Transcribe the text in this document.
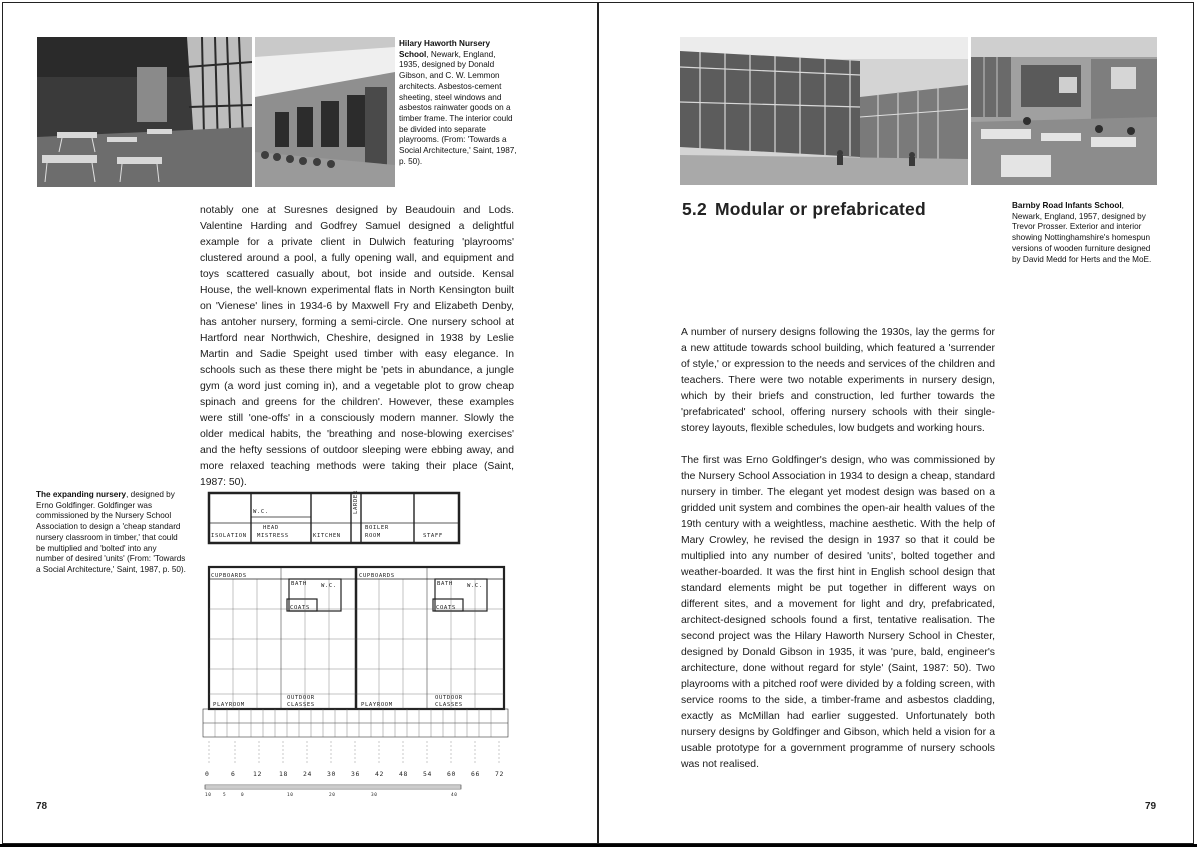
Hilary Haworth Nursery School, Newark, England, 1935, designed by Donald Gibson, and C. W. Lemmon architects. Asbestos-cement sheeting, steel windows and asbestos rainwater goods on a timber frame. The interior could be divided into separate playrooms. (From: 'Towards a Social Architecture,' Saint, 1987, p. 50).

notably one at Suresnes designed by Beaudouin and Lods. Valentine Harding and Godfrey Samuel designed a delightful example for a private client in Dulwich featuring 'playrooms' clustered around a pool, a fully opening wall, and equipment and toys scattered casually about, bot inside and outside. Kensal House, the well-known experimental flats in North Kensington built on 'Vienese' lines in 1934-6 by Maxwell Fry and Elizabeth Denby, has antoher nursery, forming a semi-circle. One nursery school at Hartford near Northwich, Cheshire, designed in 1938 by Leslie Martin and Sadie Speight used timber with easy elegance. In schools such as these there might be 'pets in abundance, a jungle gym (a word just coming in), and a vegetable plot to grow cheap spinach and greens for the children'. However, these examples were still 'one-offs' in a consciously modern manner. Slowly the older medical habits, the 'breathing and nose-blowing exercises' and the hefty sessions of outdoor sleeping were ebbing away, and more relaxed teaching methods were taking their place (Saint, 1987: 50).

The expanding nursery, designed by Erno Goldfinger. Goldfinger was commissioned by the Nursery School Association to design a 'cheap standard nursery classroom in timber,' that could be multiplied and 'bolted' into any number of desired 'units' (From: 'Towards a Social Architecture,' Saint, 1987, p. 50).
ISOLATION
HEAD
MISTRESS	KITCHEN
LARDER
BOILER
ROOM	STAFF
W.C.
CUPBOARDS	CUPBOARDS
BATH	BATH
W.C.	W.C.
COATS	COATS
PLAYROOM	PLAYROOM
OUTDOOR
CLASSES
OUTDOOR
CLASSES
0	6	12	18 24 30 36 42 48 54 60 66 72
10	5	0	10	20	30	40
78
5.2 Modular or prefabricated	Barnby Road Infants School, Newark, England, 1957, designed by Trevor Prosser. Exterior and interior showing Nottinghamshire's homespun versions of wooden furniture designed by David Medd for Herts and the MoE.

A number of nursery designs following the 1930s, lay the germs for a new attitude towards school building, which featured a 'surrender of style,' or expression to the needs and services of the children and teachers. There were two notable experiments in nursery design, which by their briefs and construction, led further towards the 'prefabricated' school, offering nursery schools with their single-storey layouts, flexible schedules, low budgets and working hours.

The first was Erno Goldfinger's design, who was commissioned by the Nursery School Association in 1934 to design a cheap, standard nursery in timber. The elegant yet modest design was based on a gridded unit system and combines the open-air health values of the 19th century with a weightless, machine aesthetic. With the help of Mary Crowley, he revised the design in 1937 so that it could be multiplied into any number of desired 'units', bolted together and weather-boarded. It was the first hint in English school design that standard elements might be put together in different ways on different sites, and a movement for light and dry, prefabricated, architect-designed schools found a first, tentative realisation. The second project was the Hilary Haworth Nursery School in Chester, designed by Donald Gibson in 1935, it was 'pure, bald, engineer's architecture, done without regard for style' (Saint, 1987: 50). Two playrooms with a pitched roof were divided by a folding screen, with service rooms to the side, a timber-frame and asbestos cladding, exactly as McMillan had earlier suggested. Unfortunately both nursery designs by Goldfinger and Gibson, which held a vision for a usable prototype for a government programme of nursery schools was not realised.

79
